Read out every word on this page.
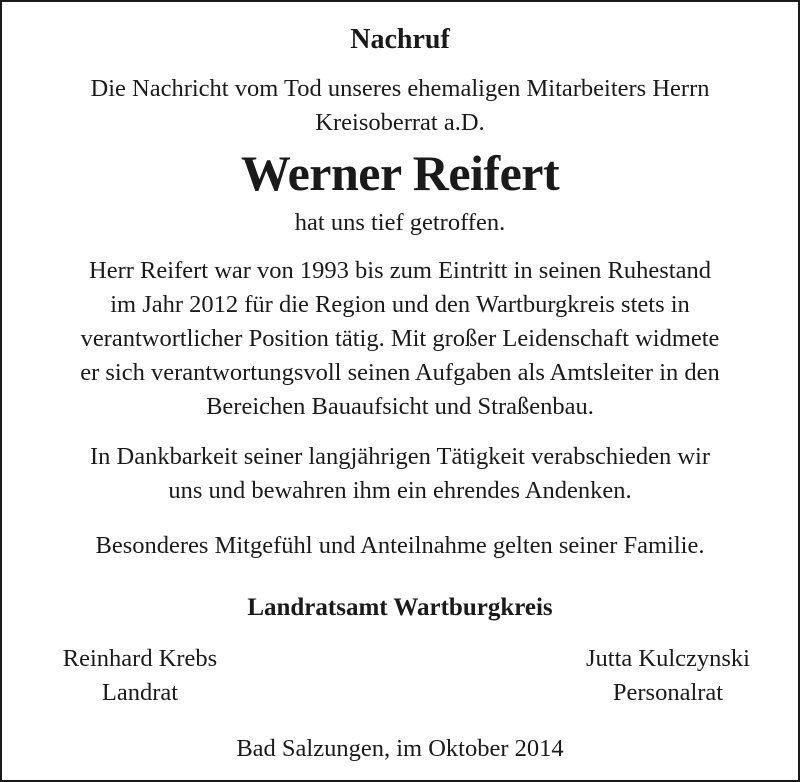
Nachruf

Die Nachricht vom Tod unseres ehemaligen Mitarbeiters Herrn

Kreisoberrat a.D.

Werner Reifert

hat uns tief getroffen.

Herr Reifert war von 1993 bis zum Eintritt in seinen Ruhestand

im Jahr 2012 für die Region und den Wartburgkreis stets in

verantwortlicher Position tätig. Mit großer Leidenschaft widmete

er sich verantwortungsvoll seinen Aufgaben als Amtsleiter in den

Bereichen Bauaufsicht und Straßenbau.

In Dankbarkeit seiner langjährigen Tätigkeit verabschieden wir

uns und bewahren ihm ein ehrendes Andenken.

Besonderes Mitgefühl und Anteilnahme gelten seiner Familie.

Landratsamt Wartburgkreis

Reinhard Krebs

Landrat

Jutta Kulczynski

Personalrat

Bad Salzungen, im Oktober 2014
